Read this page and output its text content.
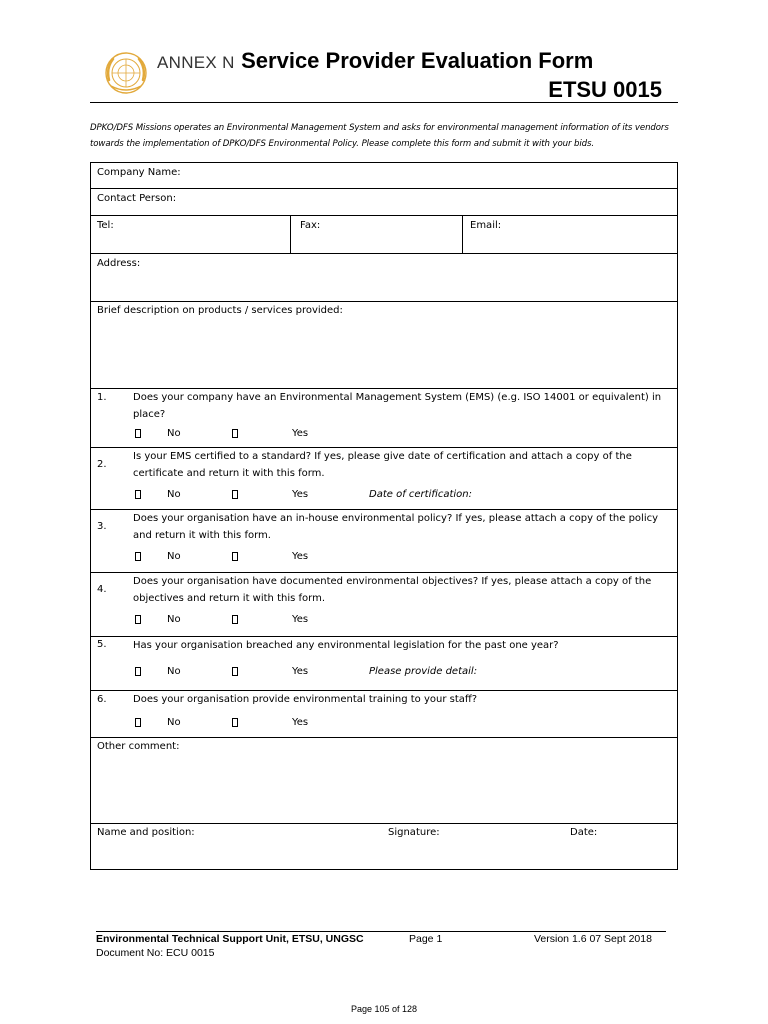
ANNEX N Service Provider Evaluation Form
ETSU 0015
DPKO/DFS Missions operates an Environmental Management System and asks for environmental management information of its vendors towards the implementation of DPKO/DFS Environmental Policy. Please complete this form and submit it with your bids.
Company Name:
Contact Person:
Tel:	Fax:	Email:
Address:
Brief description on products / services provided:
1.	Does your company have an Environmental Management System (EMS) (e.g. ISO 14001 or equivalent) in place?
No	Yes
2.
Is your EMS certified to a standard? If yes, please give date of certification and attach a copy of the certificate and return it with this form.
No	Yes	Date of certification:
3.
Does your organisation have an in-house environmental policy? If yes, please attach a copy of the policy and return it with this form.
No	Yes
4.
Does your organisation have documented environmental objectives? If yes, please attach a copy of the objectives and return it with this form.
No	Yes
5.	Has your organisation breached any environmental legislation for the past one year?
No	Yes	Please provide detail:
6.	Does your organisation provide environmental training to your staff?
No	Yes
Other comment:
Name and position:	Signature:	Date:
Environmental Technical Support Unit, ETSU, UNGSC	Page 1	Version 1.6 07 Sept 2018
Document No: ECU 0015
Page 105 of 128
